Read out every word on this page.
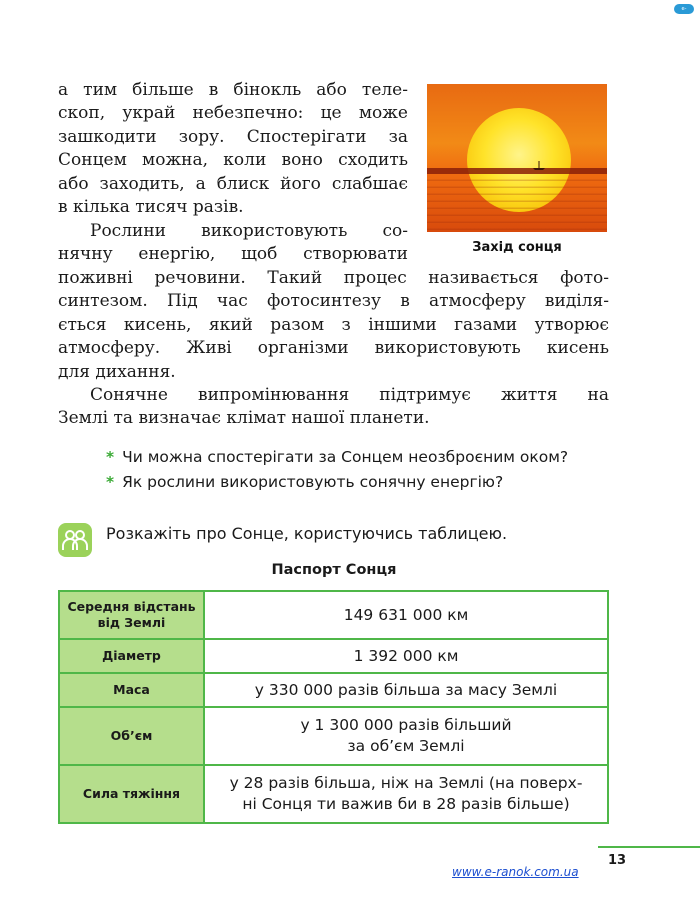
e-RANOK
а тим більше в бінокль або теле-
скоп, украй небезпечно: це може
зашкодити зору. Спостерігати за
Сонцем можна, коли воно сходить
або заходить, а блиск його слабшає
в кілька тисяч разів.
Рослини використовують со-
нячну енергію, щоб створювати
поживні речовини. Такий процес називається фото-
синтезом. Під час фотосинтезу в атмосферу виділя-
ється кисень, який разом з іншими газами утворює
атмосферу. Живі організми використовують кисень
для дихання.
Сонячне випромінювання підтримує життя на
Землі та визначає клімат нашої планети.
Захід сонця
* Чи можна спостерігати за Сонцем неозброєним оком?
* Як рослини використовують сонячну енергію?
Розкажіть про Сонце, користуючись таблицею.
Паспорт Сонця
Середня відстань
від Землі	149 631 000 км

Діаметр	1 392 000 км

Маса	у 330 000 разів більша за масу Землі

Об’єм	у 1 300 000 разів більший
за об’єм Землі

Сила тяжіння	у 28 разів більша, ніж на Землі (на поверх-
ні Сонця ти важив би в 28 разів більше)
13
www.e-ranok.com.ua
